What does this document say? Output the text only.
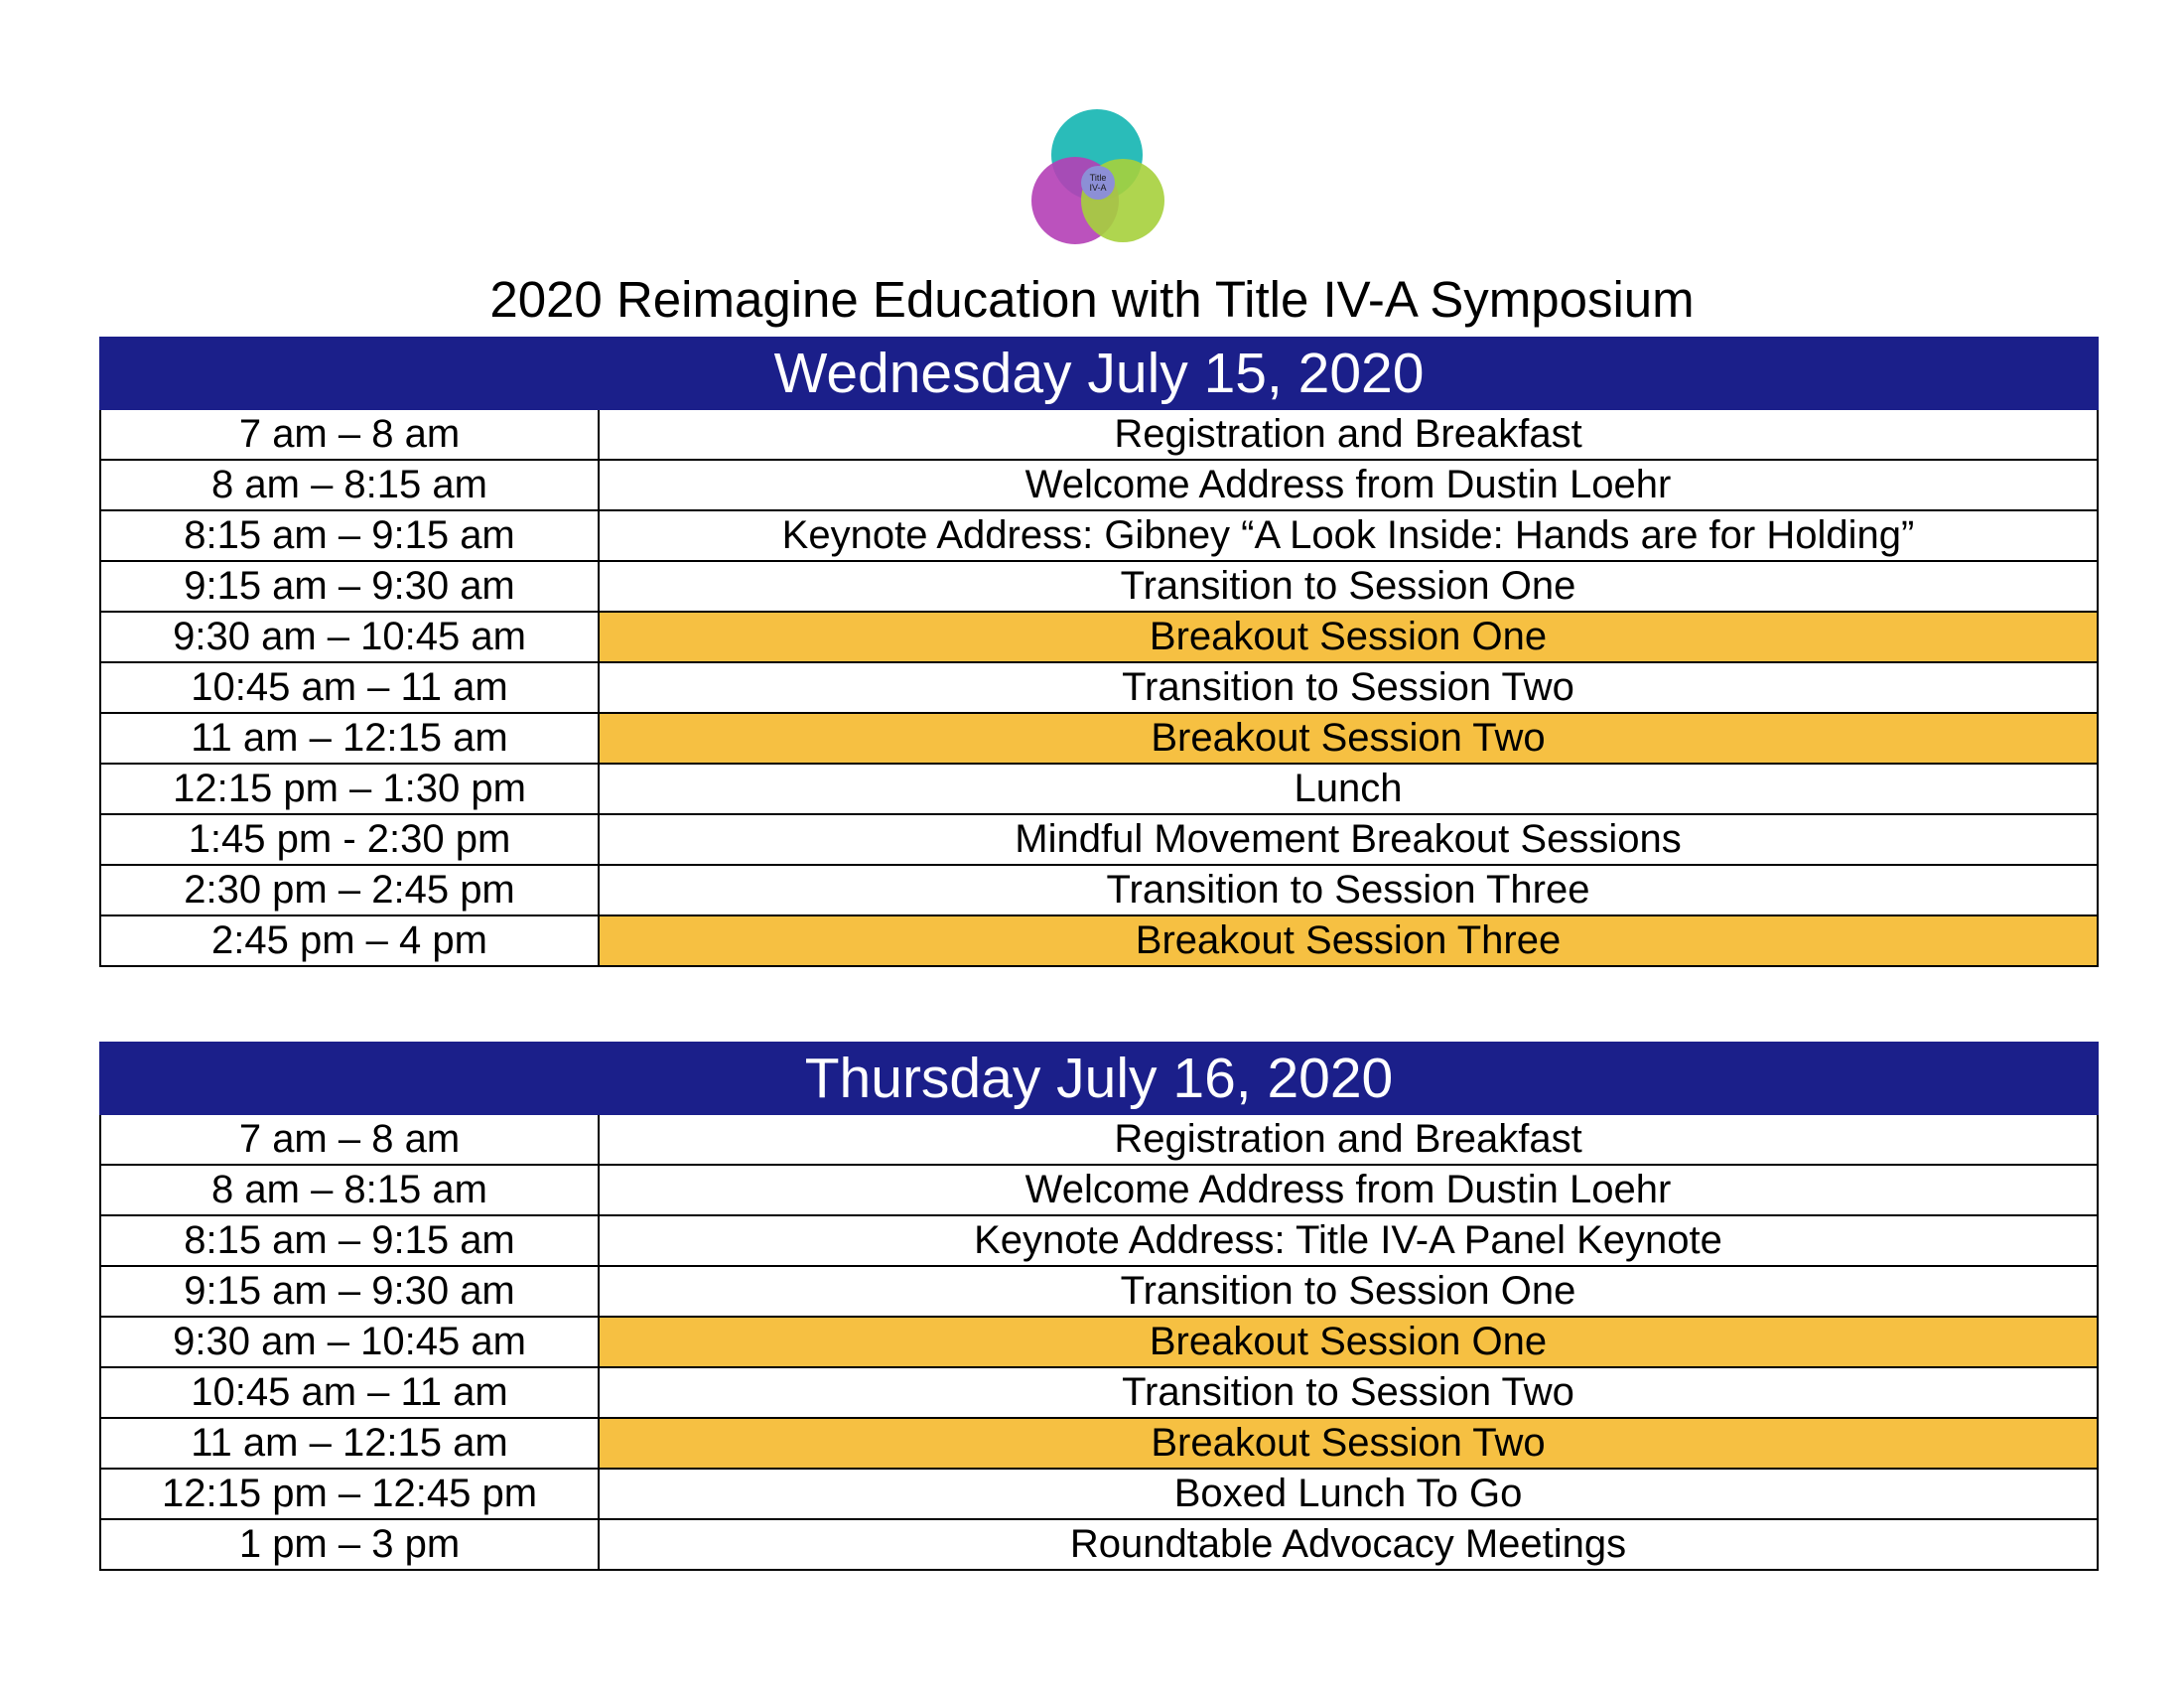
Title
IV-A
2020 Reimagine Education with Title IV-A Symposium
Wednesday July 15, 2020	
7 am – 8 am	Registration and Breakfast
8 am – 8:15 am	Welcome Address from Dustin Loehr
8:15 am – 9:15 am	Keynote Address: Gibney “A Look Inside: Hands are for Holding”
9:15 am – 9:30 am	Transition to Session One
9:30 am – 10:45 am	Breakout Session One
10:45 am – 11 am	Transition to Session Two
11 am – 12:15 am	Breakout Session Two
12:15 pm – 1:30 pm	Lunch
1:45 pm - 2:30 pm	Mindful Movement Breakout Sessions
2:30 pm – 2:45 pm	Transition to Session Three
2:45 pm – 4 pm	Breakout Session Three
Thursday July 16, 2020	
7 am – 8 am	Registration and Breakfast
8 am – 8:15 am	Welcome Address from Dustin Loehr
8:15 am – 9:15 am	Keynote Address: Title IV-A Panel Keynote
9:15 am – 9:30 am	Transition to Session One
9:30 am – 10:45 am	Breakout Session One
10:45 am – 11 am	Transition to Session Two
11 am – 12:15 am	Breakout Session Two
12:15 pm – 12:45 pm	Boxed Lunch To Go
1 pm – 3 pm	Roundtable Advocacy Meetings
